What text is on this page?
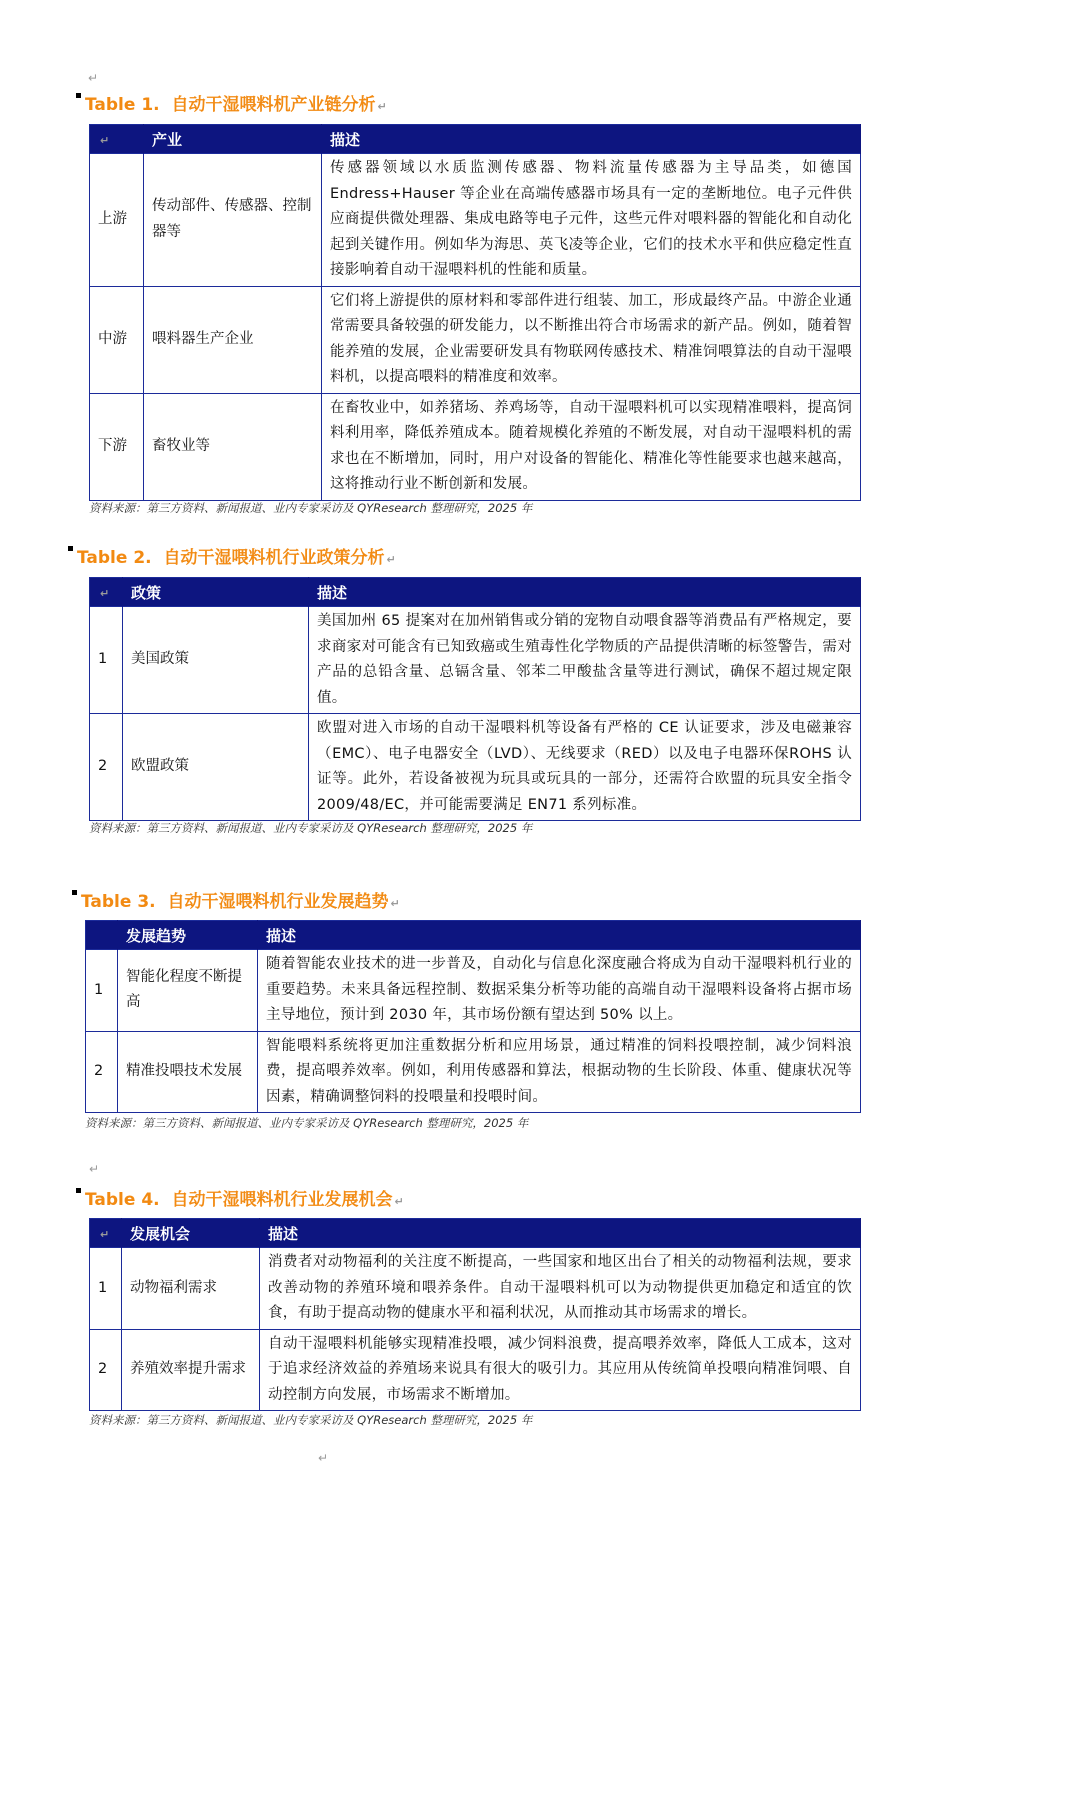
↵
Table 1. 自动干湿喂料机产业链分析 ↵
↵	产业	描述
上游	传动部件、传感器、控制器等	传感器领域以水质监测传感器、物料流量传感器为主导品类，如德国Endress+Hauser 等企业在高端传感器市场具有一定的垄断地位。电子元件供应商提供微处理器、集成电路等电子元件，这些元件对喂料器的智能化和自动化起到关键作用。例如华为海思、英飞凌等企业，它们的技术水平和供应稳定性直接影响着自动干湿喂料机的性能和质量。
中游	喂料器生产企业	它们将上游提供的原材料和零部件进行组装、加工，形成最终产品。中游企业通常需要具备较强的研发能力，以不断推出符合市场需求的新产品。例如，随着智能养殖的发展，企业需要研发具有物联网传感技术、精准饲喂算法的自动干湿喂料机，以提高喂料的精准度和效率。
下游	畜牧业等	在畜牧业中，如养猪场、养鸡场等，自动干湿喂料机可以实现精准喂料，提高饲料利用率，降低养殖成本。随着规模化养殖的不断发展，对自动干湿喂料机的需求也在不断增加，同时，用户对设备的智能化、精准化等性能要求也越来越高，这将推动行业不断创新和发展。
资料来源：第三方资料、新闻报道、业内专家采访及 QYResearch 整理研究，2025 年
Table 2. 自动干湿喂料机行业政策分析 ↵
↵	政策	描述
1	美国政策	美国加州 65 提案对在加州销售或分销的宠物自动喂食器等消费品有严格规定，要求商家对可能含有已知致癌或生殖毒性化学物质的产品提供清晰的标签警告，需对产品的总铅含量、总镉含量、邻苯二甲酸盐含量等进行测试，确保不超过规定限值。
2	欧盟政策	欧盟对进入市场的自动干湿喂料机等设备有严格的 CE 认证要求，涉及电磁兼容（EMC）、电子电器安全（LVD）、无线要求（RED）以及电子电器环保ROHS 认证等。此外，若设备被视为玩具或玩具的一部分，还需符合欧盟的玩具安全指令 2009/48/EC，并可能需要满足 EN71 系列标准。
资料来源：第三方资料、新闻报道、业内专家采访及 QYResearch 整理研究，2025 年
Table 3. 自动干湿喂料机行业发展趋势 ↵
	发展趋势	描述
1	智能化程度不断提高	随着智能农业技术的进一步普及，自动化与信息化深度融合将成为自动干湿喂料机行业的重要趋势。未来具备远程控制、数据采集分析等功能的高端自动干湿喂料设备将占据市场主导地位，预计到 2030 年，其市场份额有望达到 50% 以上。
2	精准投喂技术发展	智能喂料系统将更加注重数据分析和应用场景，通过精准的饲料投喂控制，减少饲料浪费，提高喂养效率。例如，利用传感器和算法，根据动物的生长阶段、体重、健康状况等因素，精确调整饲料的投喂量和投喂时间。
资料来源：第三方资料、新闻报道、业内专家采访及 QYResearch 整理研究，2025 年
↵
Table 4. 自动干湿喂料机行业发展机会 ↵
↵	发展机会	描述
1	动物福利需求	消费者对动物福利的关注度不断提高，一些国家和地区出台了相关的动物福利法规，要求改善动物的养殖环境和喂养条件。自动干湿喂料机可以为动物提供更加稳定和适宜的饮食，有助于提高动物的健康水平和福利状况，从而推动其市场需求的增长。
2	养殖效率提升需求	自动干湿喂料机能够实现精准投喂，减少饲料浪费，提高喂养效率，降低人工成本，这对于追求经济效益的养殖场来说具有很大的吸引力。其应用从传统简单投喂向精准饲喂、自动控制方向发展，市场需求不断增加。
资料来源：第三方资料、新闻报道、业内专家采访及 QYResearch 整理研究，2025 年
↵
